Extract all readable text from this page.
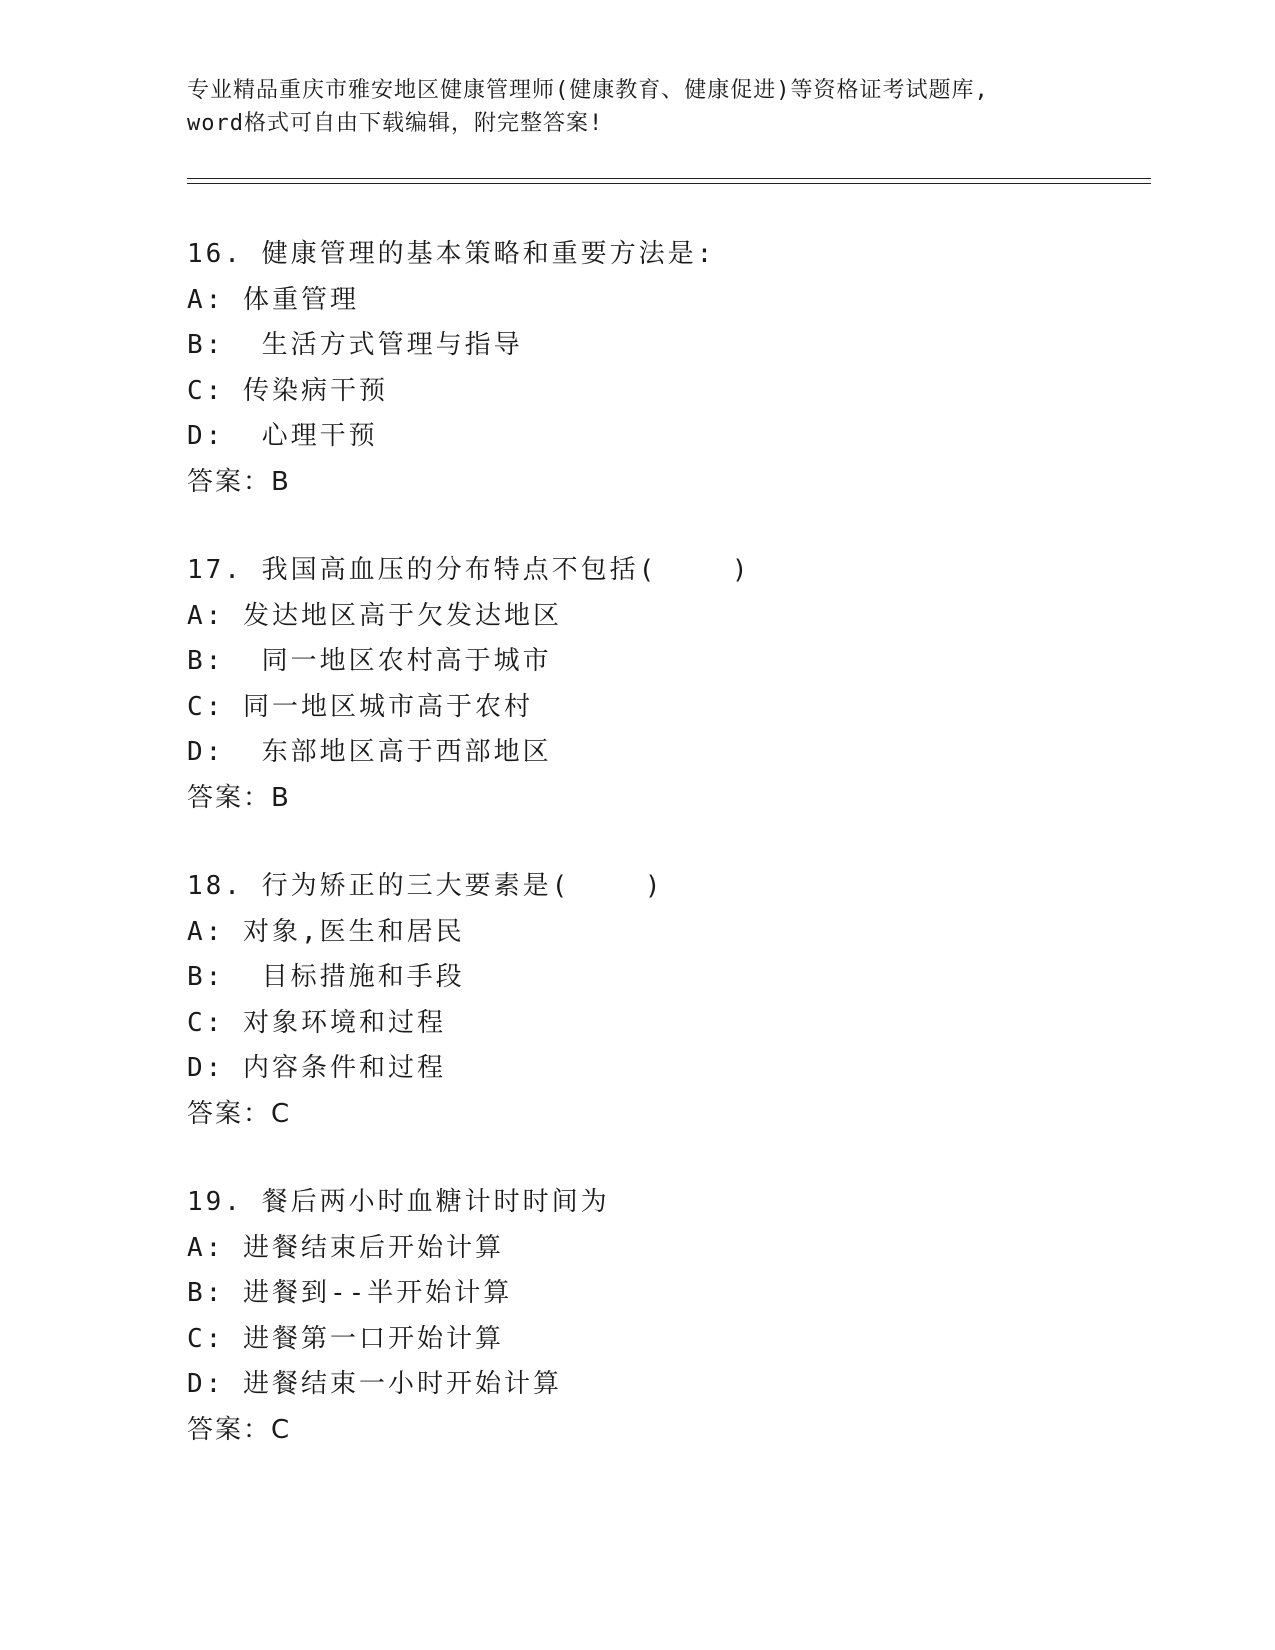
专业精品重庆市雅安地区健康管理师(健康教育、健康促进)等资格证考试题库,
word格式可自由下载编辑，附完整答案!
16. 健康管理的基本策略和重要方法是:
A: 体重管理
B:  生活方式管理与指导
C: 传染病干预
D:  心理干预
答案：B
17. 我国高血压的分布特点不包括(    )
A: 发达地区高于欠发达地区
B:  同一地区农村高于城市
C: 同一地区城市高于农村
D:  东部地区高于西部地区
答案：B
18. 行为矫正的三大要素是(    )
A: 对象,医生和居民
B:  目标措施和手段
C: 对象环境和过程
D: 内容条件和过程
答案：C
19. 餐后两小时血糖计时时间为
A: 进餐结束后开始计算
B: 进餐到--半开始计算
C: 进餐第一口开始计算
D: 进餐结束一小时开始计算
答案：C
